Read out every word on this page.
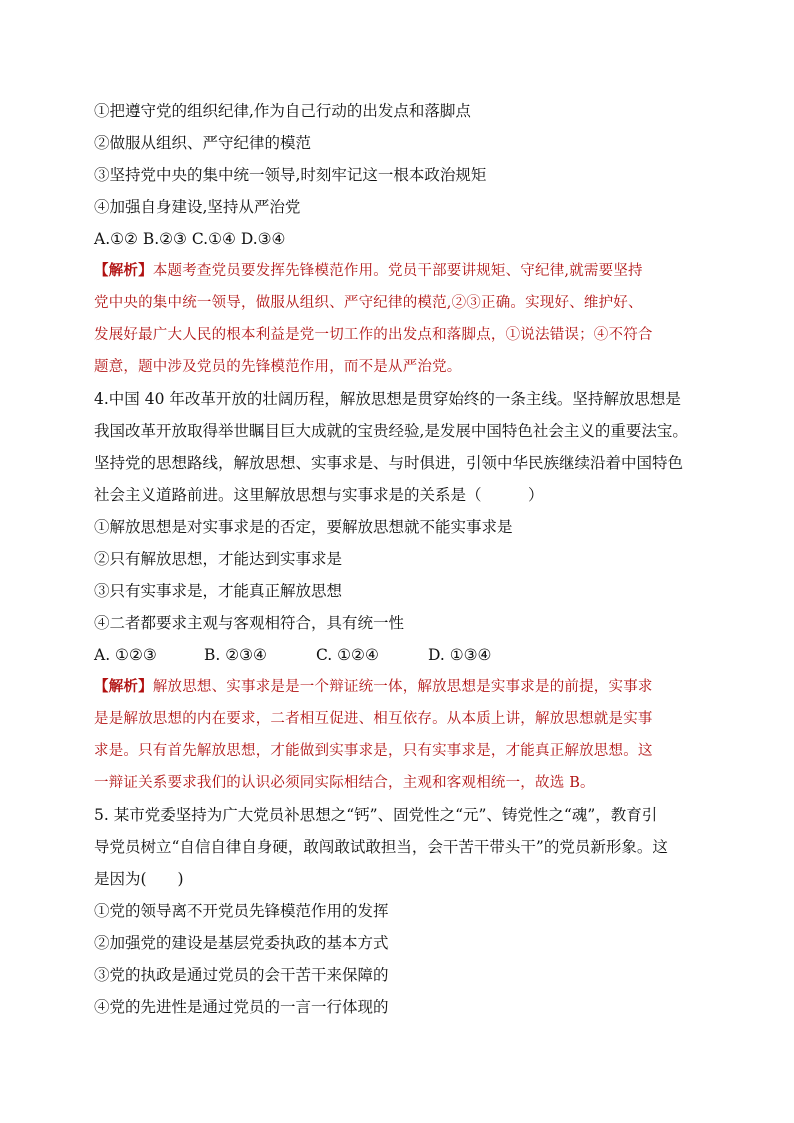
①把遵守党的组织纪律,作为自己行动的出发点和落脚点
②做服从组织、严守纪律的模范
③坚持党中央的集中统一领导,时刻牢记这一根本政治规矩
④加强自身建设,坚持从严治党
A.①② B.②③ C.①④ D.③④
【解析】本题考查党员要发挥先锋模范作用。党员干部要讲规矩、守纪律,就需要坚持
党中央的集中统一领导，做服从组织、严守纪律的模范,②③正确。实现好、维护好、
发展好最广大人民的根本利益是党一切工作的出发点和落脚点，①说法错误；④不符合
题意，题中涉及党员的先锋模范作用，而不是从严治党。
4.中国 40 年改革开放的壮阔历程，解放思想是贯穿始终的一条主线。坚持解放思想是
我国改革开放取得举世瞩目巨大成就的宝贵经验,是发展中国特色社会主义的重要法宝。
坚持党的思想路线，解放思想、实事求是、与时俱进，引领中华民族继续沿着中国特色
社会主义道路前进。这里解放思想与实事求是的关系是（　　　）
①解放思想是对实事求是的否定，要解放思想就不能实事求是
②只有解放思想，才能达到实事求是
③只有实事求是，才能真正解放思想
④二者都要求主观与客观相符合，具有统一性
A. ①②③	B. ②③④	C. ①②④	D. ①③④
【解析】解放思想、实事求是是一个辩证统一体，解放思想是实事求是的前提，实事求
是是解放思想的内在要求，二者相互促进、相互依存。从本质上讲，解放思想就是实事
求是。只有首先解放思想，才能做到实事求是，只有实事求是，才能真正解放思想。这
一辩证关系要求我们的认识必须同实际相结合，主观和客观相统一，故选 B。
5. 某市党委坚持为广大党员补思想之“钙”、固党性之“元”、铸党性之“魂”，教育引
导党员树立“自信自律自身硬，敢闯敢试敢担当，会干苦干带头干”的党员新形象。这
是因为(　　)
①党的领导离不开党员先锋模范作用的发挥
②加强党的建设是基层党委执政的基本方式
③党的执政是通过党员的会干苦干来保障的
④党的先进性是通过党员的一言一行体现的
